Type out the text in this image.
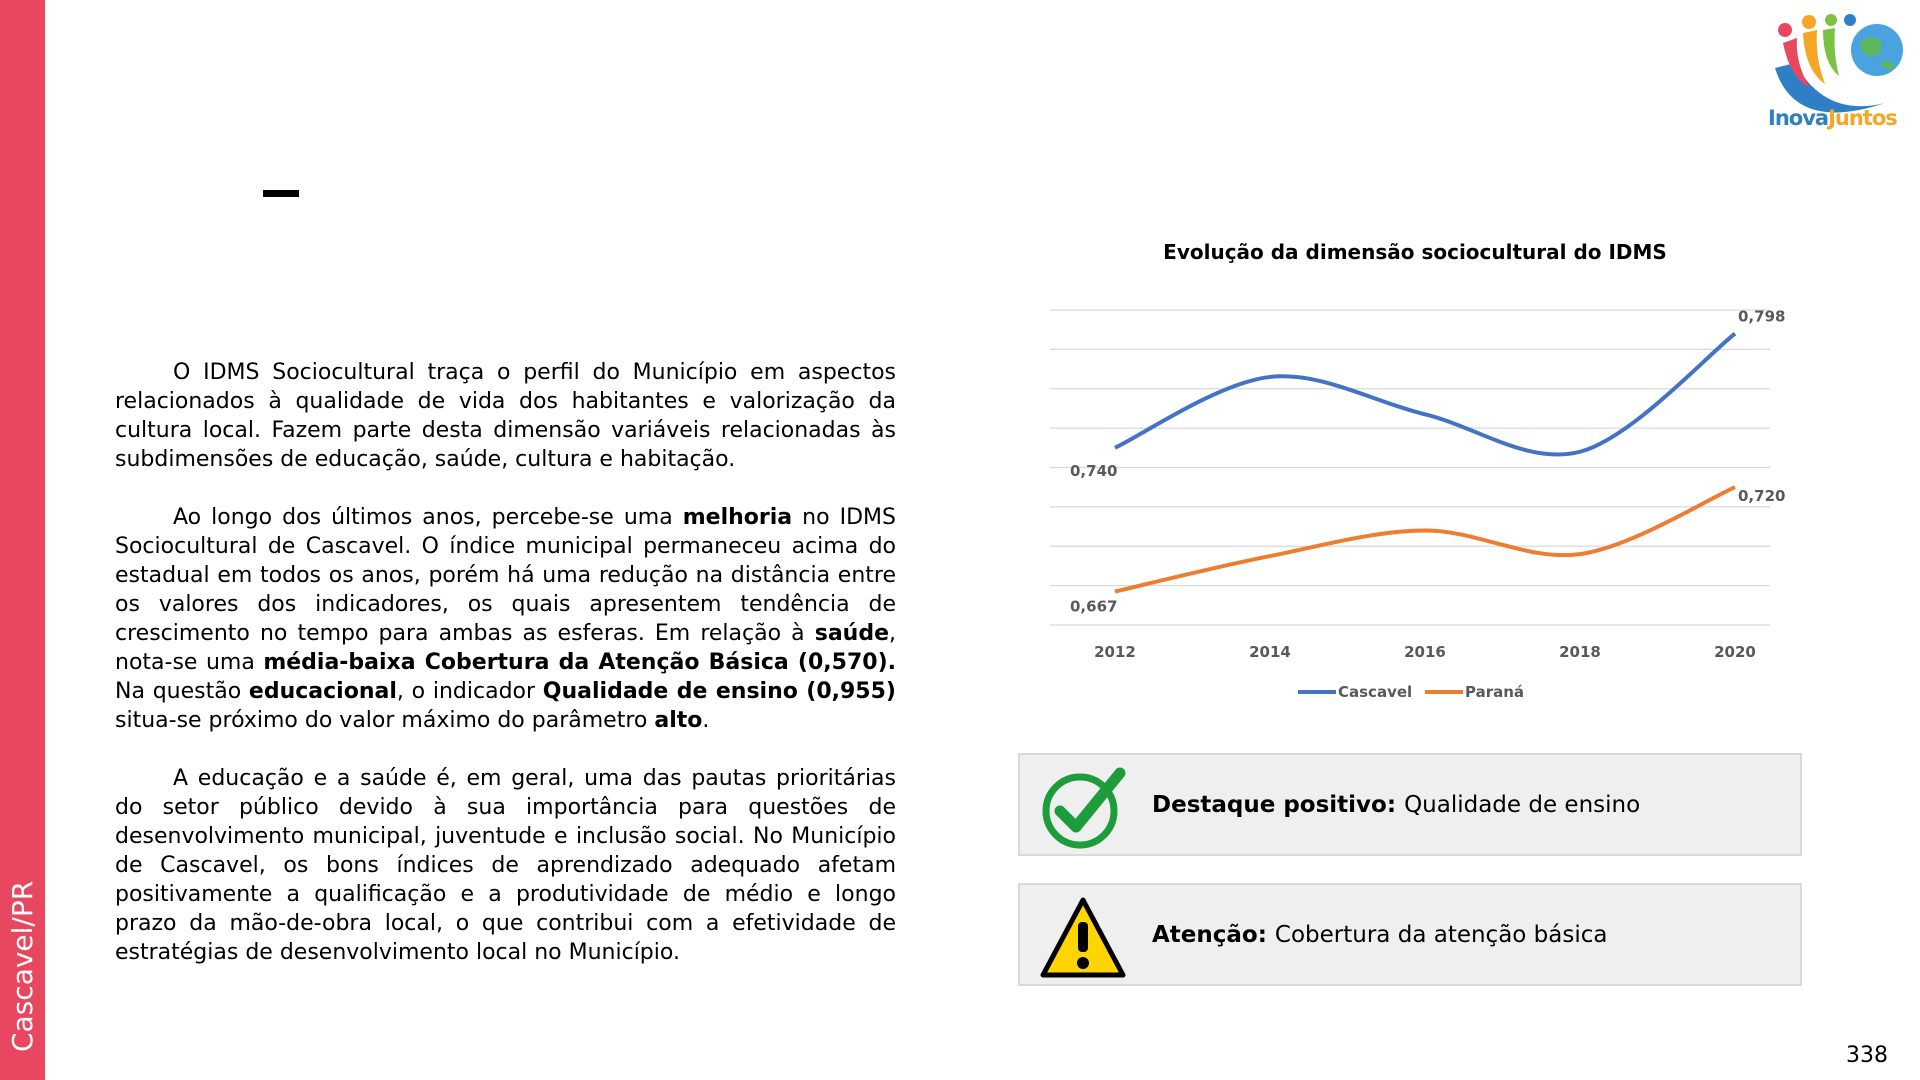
Cascavel/PR

O IDMS Sociocultural traça o perfil do Município em aspectos relacionados à qualidade de vida dos habitantes e valorização da cultura local. Fazem parte desta dimensão variáveis relacionadas às subdimensões de educação, saúde, cultura e habitação.

Ao longo dos últimos anos, percebe-se uma melhoria no IDMS Sociocultural de Cascavel. O índice municipal permaneceu acima do estadual em todos os anos, porém há uma redução na distância entre os valores dos indicadores, os quais apresentem tendência de crescimento no tempo para ambas as esferas. Em relação à saúde, nota-se uma média-baixa Cobertura da Atenção Básica (0,570). Na questão educacional, o indicador Qualidade de ensino (0,955) situa-se próximo do valor máximo do parâmetro alto.

A educação e a saúde é, em geral, uma das pautas prioritárias do setor público devido à sua importância para questões de desenvolvimento municipal, juventude e inclusão social. No Município de Cascavel, os bons índices de aprendizado adequado afetam positivamente a qualificação e a produtividade de médio e longo prazo da mão-de-obra local, o que contribui com a efetividade de estratégias de desenvolvimento local no Município.

Evolução da dimensão sociocultural do IDMS
0,740
0,798
0,667
0,720
2012	2014	2016	2018	2020
Cascavel	Paraná
Destaque positivo: Qualidade de ensino
Atenção: Cobertura da atenção básica
InovaJuntos
338
